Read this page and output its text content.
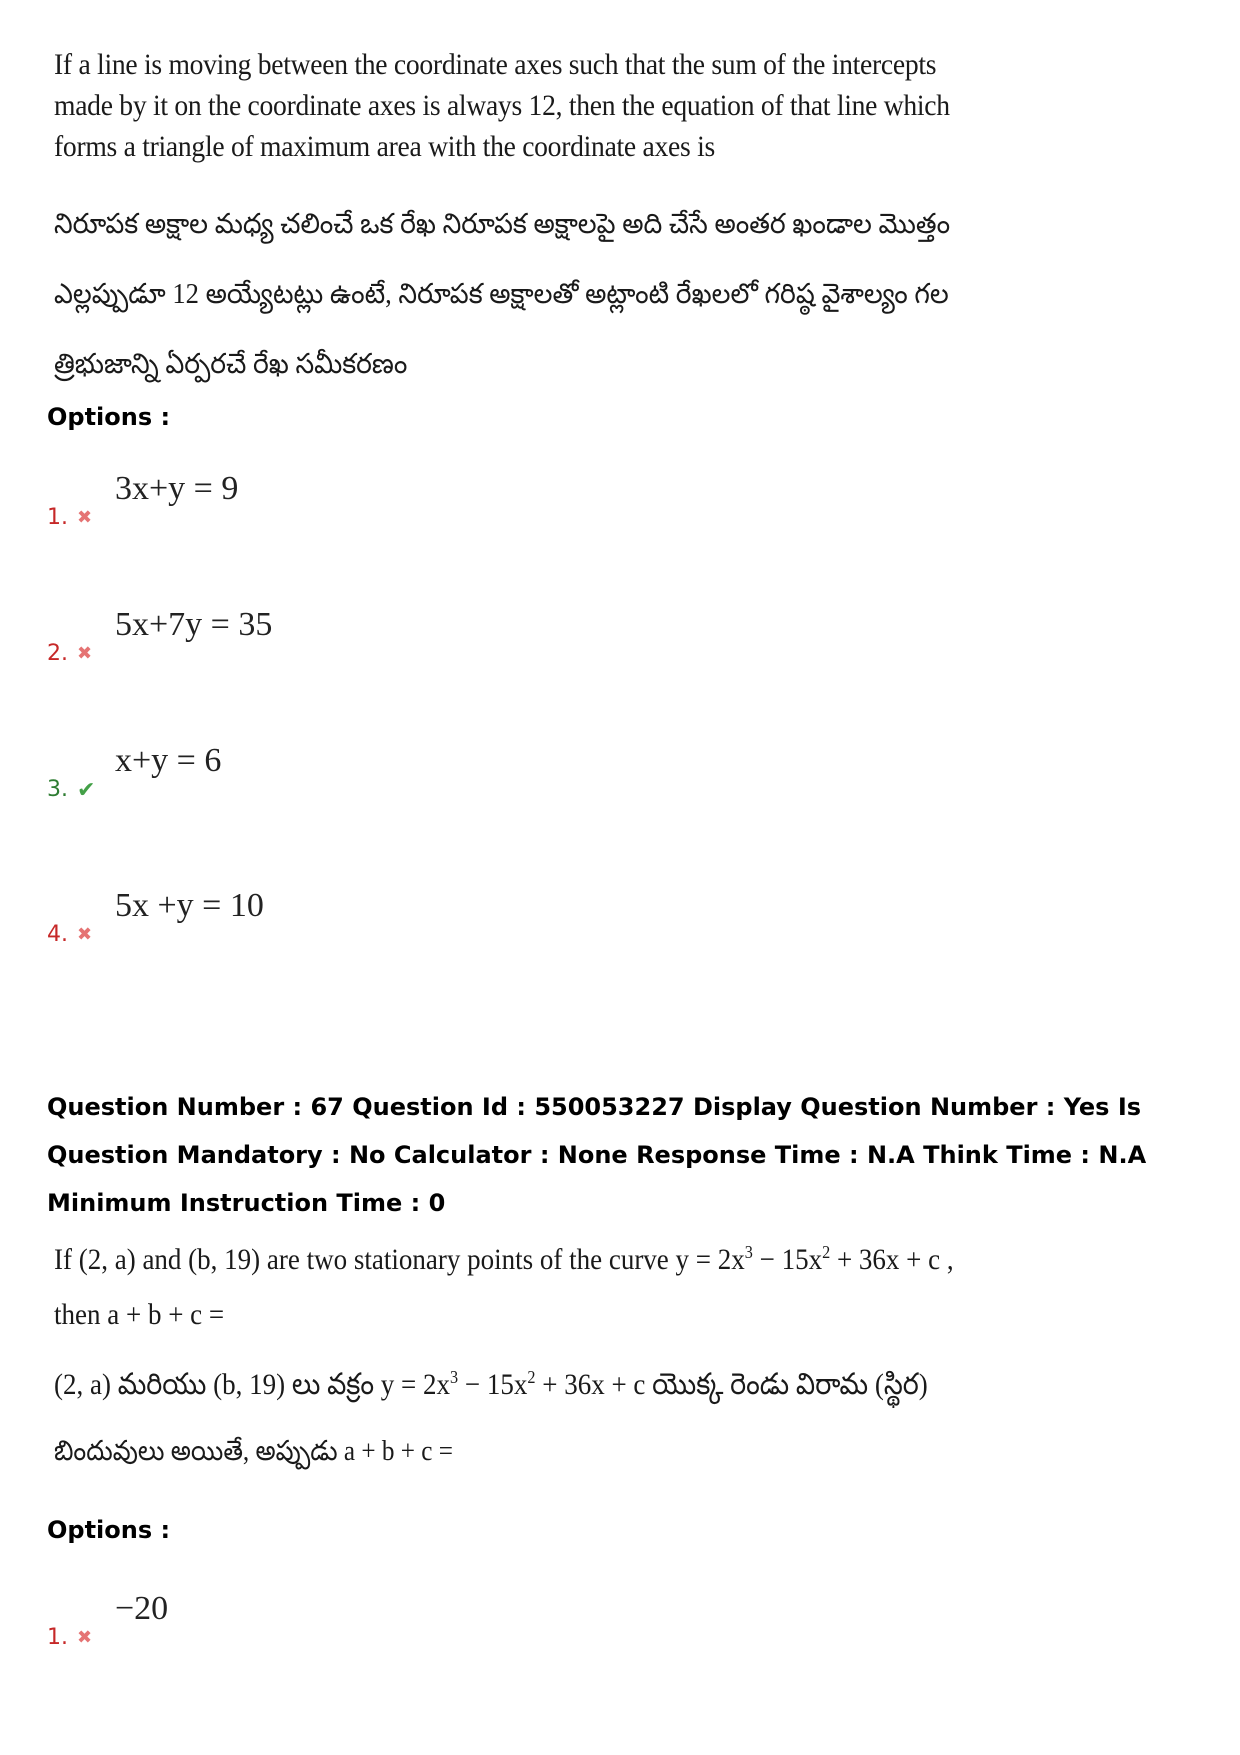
If a line is moving between the coordinate axes such that the sum of the intercepts
made by it on the coordinate axes is always 12, then the equation of that line which
forms a triangle of maximum area with the coordinate axes is
నిరూపక అక్షాల మధ్య చలించే ఒక రేఖ నిరూపక అక్షాలపై అది చేసే అంతర ఖండాల మొత్తం
ఎల్లప్పుడూ 12 అయ్యేటట్లు ఉంటే, నిరూపక అక్షాలతో అట్లాంటి రేఖలలో గరిష్ఠ వైశాల్యం గల
త్రిభుజాన్ని ఏర్పరచే రేఖ సమీకరణం
Options :
1. ✖
3x+y = 9
2. ✖
5x+7y = 35
3. ✔
x+y = 6
4. ✖
5x +y = 10
Question Number : 67 Question Id : 550053227 Display Question Number : Yes Is Question Mandatory : No Calculator : None Response Time : N.A Think Time : N.A Minimum Instruction Time : 0
If (2, a) and (b, 19) are two stationary points of the curve $y = 2x^3 - 15x^2 + 36x + c$ ,
then a + b + c =
(2, a) మరియు (b, 19) లు వక్రం $y = 2x^3 - 15x^2 + 36x + c$ యొక్క రెండు విరామ (స్థిర)
బిందువులు అయితే, అప్పుడు a + b + c =
Options :
1. ✖
−20
